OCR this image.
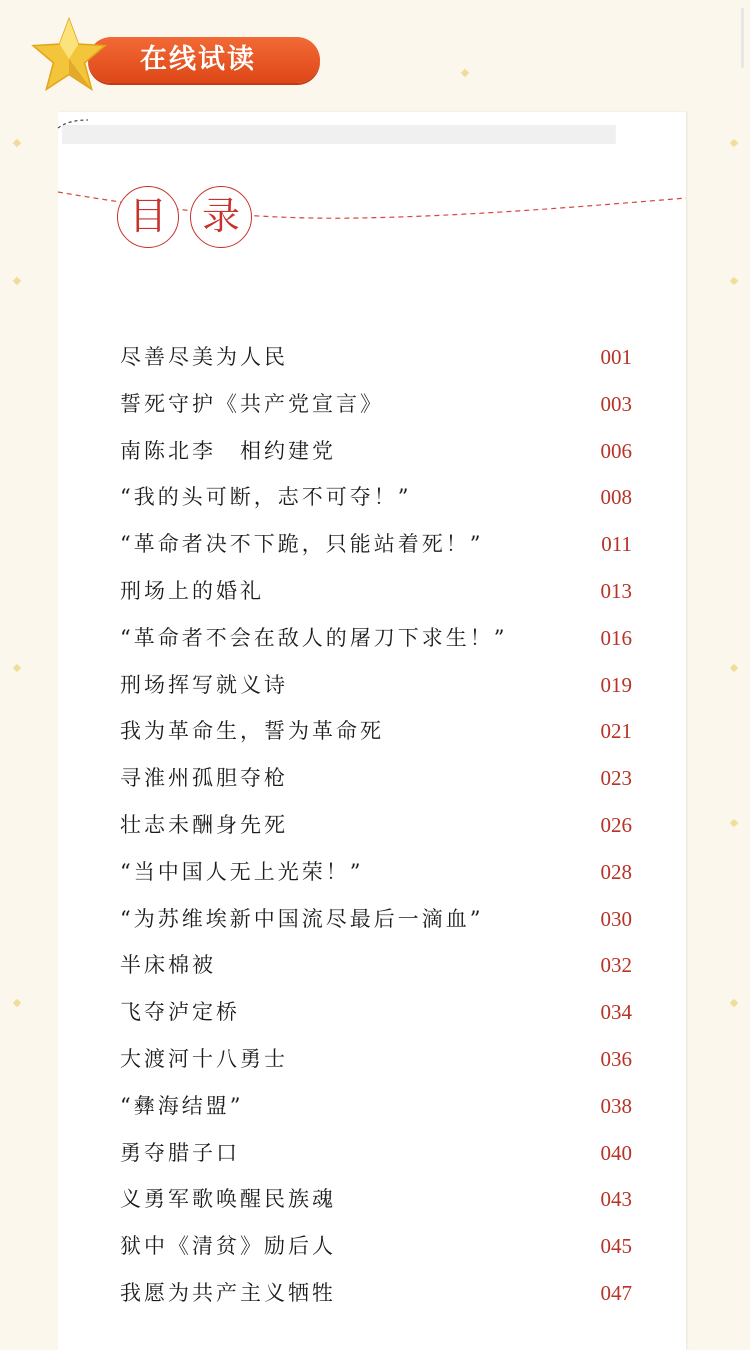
在线试读
█████████████████████████████████████████████
目 录
尽善尽美为人民	001
誓死守护《共产党宣言》	003
南陈北李　相约建党	006
“我的头可断，志不可夺！”	008
“革命者决不下跪，只能站着死！”	011
刑场上的婚礼	013
“革命者不会在敌人的屠刀下求生！”	016
刑场挥写就义诗	019
我为革命生，誓为革命死	021
寻淮州孤胆夺枪	023
壮志未酬身先死	026
“当中国人无上光荣！”	028
“为苏维埃新中国流尽最后一滴血”	030
半床棉被	032
飞夺泸定桥	034
大渡河十八勇士	036
“彝海结盟”	038
勇夺腊子口	040
义勇军歌唤醒民族魂	043
狱中《清贫》励后人	045
我愿为共产主义牺牲	047
